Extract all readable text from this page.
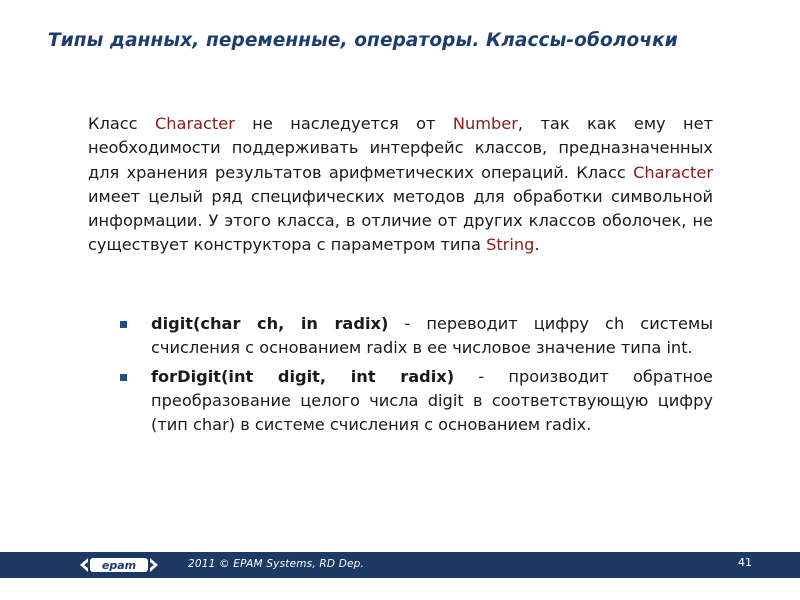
Типы данных, переменные, операторы. Классы-оболочки
Класс Character не наследуется от Number, так как ему нет необходимости поддерживать интерфейс классов, предназначенных для хранения результатов арифметических операций. Класс Character имеет целый ряд специфических методов для обработки символьной информации. У этого класса, в отличие от других классов оболочек, не существует конструктора с параметром типа String.
digit(char ch, in radix) - переводит цифру ch системы счисления с основанием radix в ее числовое значение типа int.
forDigit(int digit, int radix) - производит обратное преобразование целого числа digit в соответствующую цифру (тип char) в системе счисления с основанием radix.
epam	2011 © EPAM Systems, RD Dep.	41
